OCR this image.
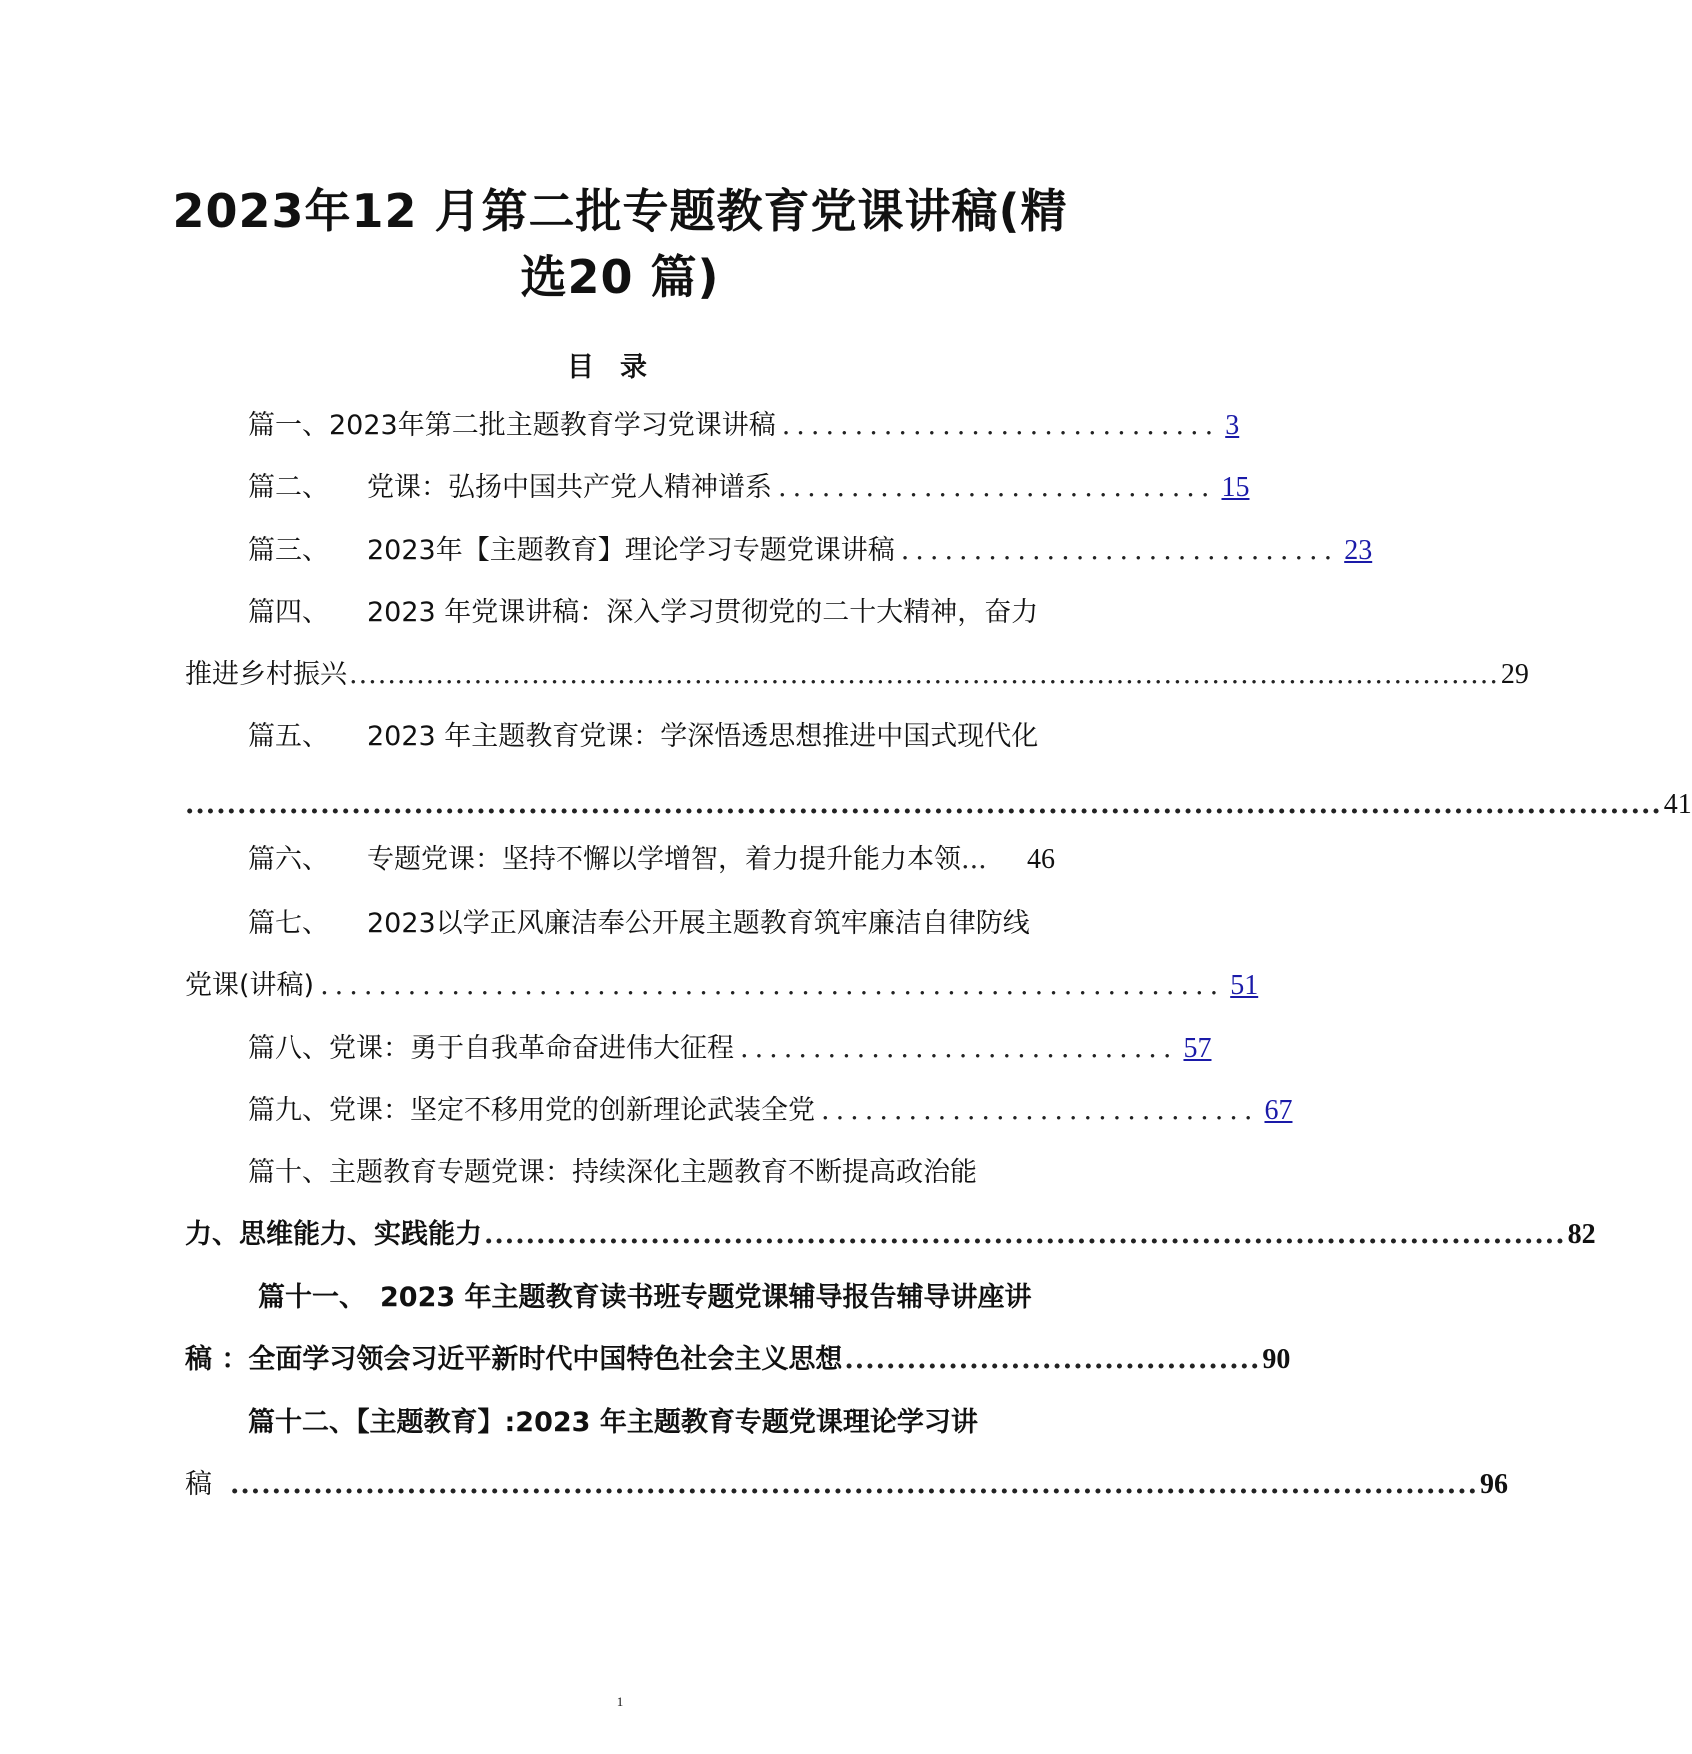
2023年12 月第二批专题教育党课讲稿(精
选20 篇)
目录
篇一、2023年第二批主题教育学习党课讲稿 .............................. 3
篇二、 党课：弘扬中国共产党人精神谱系 .............................. 15
篇三、 2023年【主题教育】理论学习专题党课讲稿 .............................. 23
篇四、 2023 年党课讲稿：深入学习贯彻党的二十大精神，奋力
推进乡村振兴 ........................................................................................................................ 29
篇五、 2023 年主题教育党课：学深悟透思想推进中国式现代化
.............................................................................................................................................. 41
篇六、 专题党课：坚持不懈以学增智，着力提升能力本领 ...	46
篇七、 2023以学正风廉洁奉公开展主题教育筑牢廉洁自律防线
党课(讲稿) .............................................................. 51
篇八、党课：勇于自我革命奋进伟大征程 .............................. 57
篇九、党课：坚定不移用党的创新理论武装全党 .............................. 67
篇十、主题教育专题党课：持续深化主题教育不断提高政治能
力、思维能力、实践能力 ........................................................................................................ 82
篇十一、 2023 年主题教育读书班专题党课辅导报告辅导讲座讲
稿 ：全面学习领会习近平新时代中国特色社会主义思想 ........................................ 90
篇十二、【主题教育】:2023 年主题教育专题党课理论学习讲
稿 ........................................................................................................................ 96
1
